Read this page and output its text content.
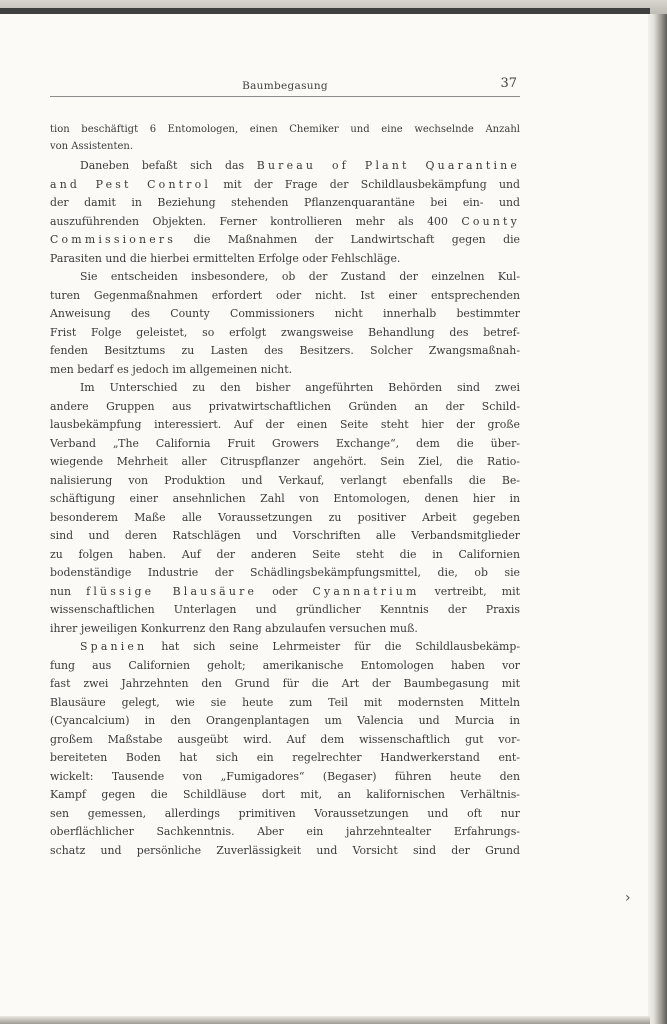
Baumbegasung	37
tion beschäftigt 6 Entomologen, einen Chemiker und eine wechselnde Anzahl
von Assistenten.
Daneben befaßt sich das Bureau of Plant Quarantine
and Pest Control mit der Frage der Schildlausbekämpfung und
der damit in Beziehung stehenden Pflanzenquarantäne bei ein- und
auszuführenden Objekten. Ferner kontrollieren mehr als 400 County
Commissioners die Maßnahmen der Landwirtschaft gegen die
Parasiten und die hierbei ermittelten Erfolge oder Fehlschläge.
Sie entscheiden insbesondere, ob der Zustand der einzelnen Kul-
turen Gegenmaßnahmen erfordert oder nicht. Ist einer entsprechenden
Anweisung des County Commissioners nicht innerhalb bestimmter
Frist Folge geleistet, so erfolgt zwangsweise Behandlung des betref-
fenden Besitztums zu Lasten des Besitzers. Solcher Zwangsmaßnah-
men bedarf es jedoch im allgemeinen nicht.
Im Unterschied zu den bisher angeführten Behörden sind zwei
andere Gruppen aus privatwirtschaftlichen Gründen an der Schild-
lausbekämpfung interessiert. Auf der einen Seite steht hier der große
Verband „The California Fruit Growers Exchange“, dem die über-
wiegende Mehrheit aller Citruspflanzer angehört. Sein Ziel, die Ratio-
nalisierung von Produktion und Verkauf, verlangt ebenfalls die Be-
schäftigung einer ansehnlichen Zahl von Entomologen, denen hier in
besonderem Maße alle Voraussetzungen zu positiver Arbeit gegeben
sind und deren Ratschlägen und Vorschriften alle Verbandsmitglieder
zu folgen haben. Auf der anderen Seite steht die in Californien
bodenständige Industrie der Schädlingsbekämpfungsmittel, die, ob sie
nun flüssige Blausäure oder Cyannatrium vertreibt, mit
wissenschaftlichen Unterlagen und gründlicher Kenntnis der Praxis
ihrer jeweiligen Konkurrenz den Rang abzulaufen versuchen muß.
Spanien hat sich seine Lehrmeister für die Schildlausbekämp-
fung aus Californien geholt; amerikanische Entomologen haben vor
fast zwei Jahrzehnten den Grund für die Art der Baumbegasung mit
Blausäure gelegt, wie sie heute zum Teil mit modernsten Mitteln
(Cyancalcium) in den Orangenplantagen um Valencia und Murcia in
großem Maßstabe ausgeübt wird. Auf dem wissenschaftlich gut vor-
bereiteten Boden hat sich ein regelrechter Handwerkerstand ent-
wickelt: Tausende von „Fumigadores“ (Begaser) führen heute den
Kampf gegen die Schildläuse dort mit, an kalifornischen Verhältnis-
sen gemessen, allerdings primitiven Voraussetzungen und oft nur
oberflächlicher Sachkenntnis. Aber ein jahrzehntealter Erfahrungs-
schatz und persönliche Zuverlässigkeit und Vorsicht sind der Grund
›
